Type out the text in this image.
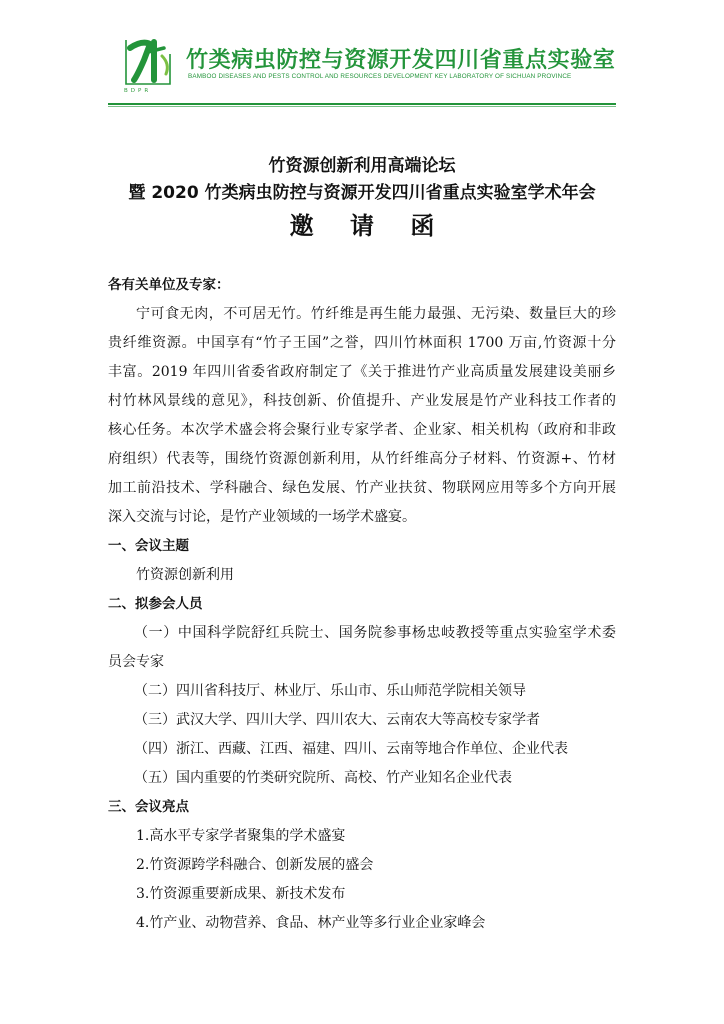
BDPR
竹类病虫防控与资源开发四川省重点实验室
BAMBOO DISEASES AND PESTS CONTROL AND RESOURCES DEVELOPMENT KEY LABORATORY OF SICHUAN PROVINCE
竹资源创新利用高端论坛
暨 2020 竹类病虫防控与资源开发四川省重点实验室学术年会
邀 请 函
各有关单位及专家：
宁可食无肉，不可居无竹。竹纤维是再生能力最强、无污染、数量巨大的珍
贵纤维资源。中国享有“竹子王国”之誉，四川竹林面积 1700 万亩,竹资源十分
丰富。2019 年四川省委省政府制定了《关于推进竹产业高质量发展建设美丽乡
村竹林风景线的意见》，科技创新、价值提升、产业发展是竹产业科技工作者的
核心任务。本次学术盛会将会聚行业专家学者、企业家、相关机构（政府和非政
府组织）代表等，围绕竹资源创新利用，从竹纤维高分子材料、竹资源+、竹材
加工前沿技术、学科融合、绿色发展、竹产业扶贫、物联网应用等多个方向开展
深入交流与讨论，是竹产业领域的一场学术盛宴。
一、会议主题
竹资源创新利用
二、拟参会人员
（一）中国科学院舒红兵院士、国务院参事杨忠岐教授等重点实验室学术委
员会专家
（二）四川省科技厅、林业厅、乐山市、乐山师范学院相关领导
（三）武汉大学、四川大学、四川农大、云南农大等高校专家学者
（四）浙江、西藏、江西、福建、四川、云南等地合作单位、企业代表
（五）国内重要的竹类研究院所、高校、竹产业知名企业代表
三、会议亮点
1.高水平专家学者聚集的学术盛宴
2.竹资源跨学科融合、创新发展的盛会
3.竹资源重要新成果、新技术发布
4.竹产业、动物营养、食品、林产业等多行业企业家峰会
